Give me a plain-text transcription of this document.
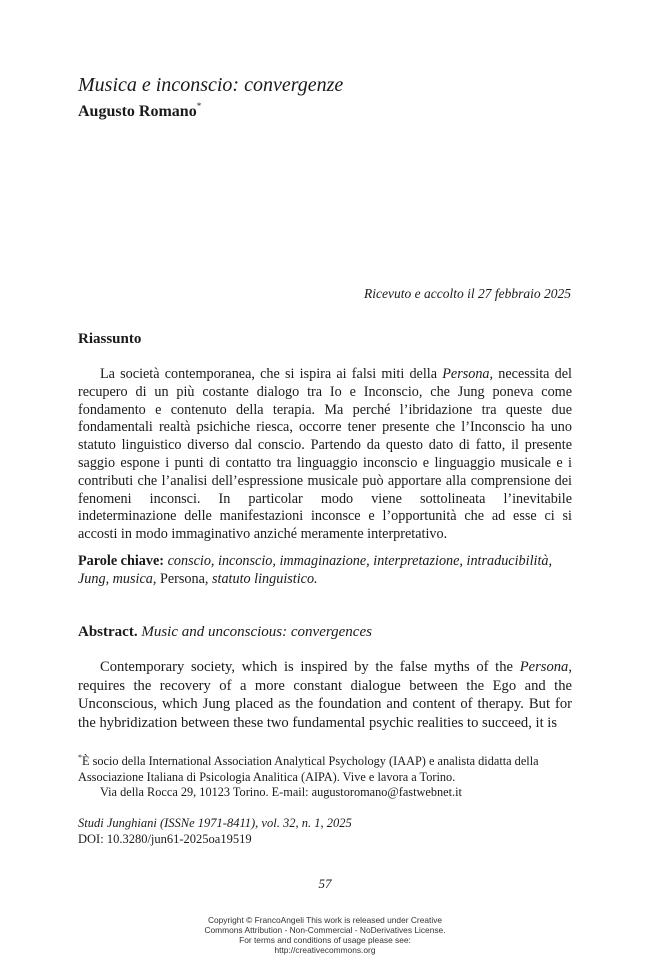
Musica e inconscio: convergenze
Augusto Romano*
Ricevuto e accolto il 27 febbraio 2025
Riassunto

La società contemporanea, che si ispira ai falsi miti della Persona, necessita del recupero di un più costante dialogo tra Io e Inconscio, che Jung poneva come fondamento e contenuto della terapia. Ma perché l’ibridazione tra queste due fondamentali realtà psichiche riesca, occorre tener presente che l’Inconscio ha uno statuto linguistico diverso dal conscio. Partendo da questo dato di fatto, il presente saggio espone i punti di contatto tra linguaggio inconscio e linguaggio musicale e i contributi che l’analisi dell’espressione musicale può apportare alla comprensione dei fenomeni inconsci. In particolar modo viene sottolineata l’inevitabile indeterminazione delle manifestazioni inconsce e l’opportunità che ad esse ci si accosti in modo immaginativo anziché meramente interpretativo.

Parole chiave: conscio, inconscio, immaginazione, interpretazione, intraducibilità, Jung, musica, Persona, statuto linguistico.

Abstract. Music and unconscious: convergences

Contemporary society, which is inspired by the false myths of the Persona, requires the recovery of a more constant dialogue between the Ego and the Unconscious, which Jung placed as the foundation and content of therapy. But for the hybridization between these two fundamental psychic realities to succeed, it is

*È socio della International Association Analytical Psychology (IAAP) e analista didatta della Associazione Italiana di Psicologia Analitica (AIPA). Vive e lavora a Torino.
Via della Rocca 29, 10123 Torino. E-mail: augustoromano@fastwebnet.it

Studi Junghiani (ISSNe 1971-8411), vol. 32, n. 1, 2025
DOI: 10.3280/jun61-2025oa19519
57
Copyright © FrancoAngeli This work is released under Creative
Commons Attribution - Non-Commercial - NoDerivatives License.
For terms and conditions of usage please see:
http://creativecommons.org
